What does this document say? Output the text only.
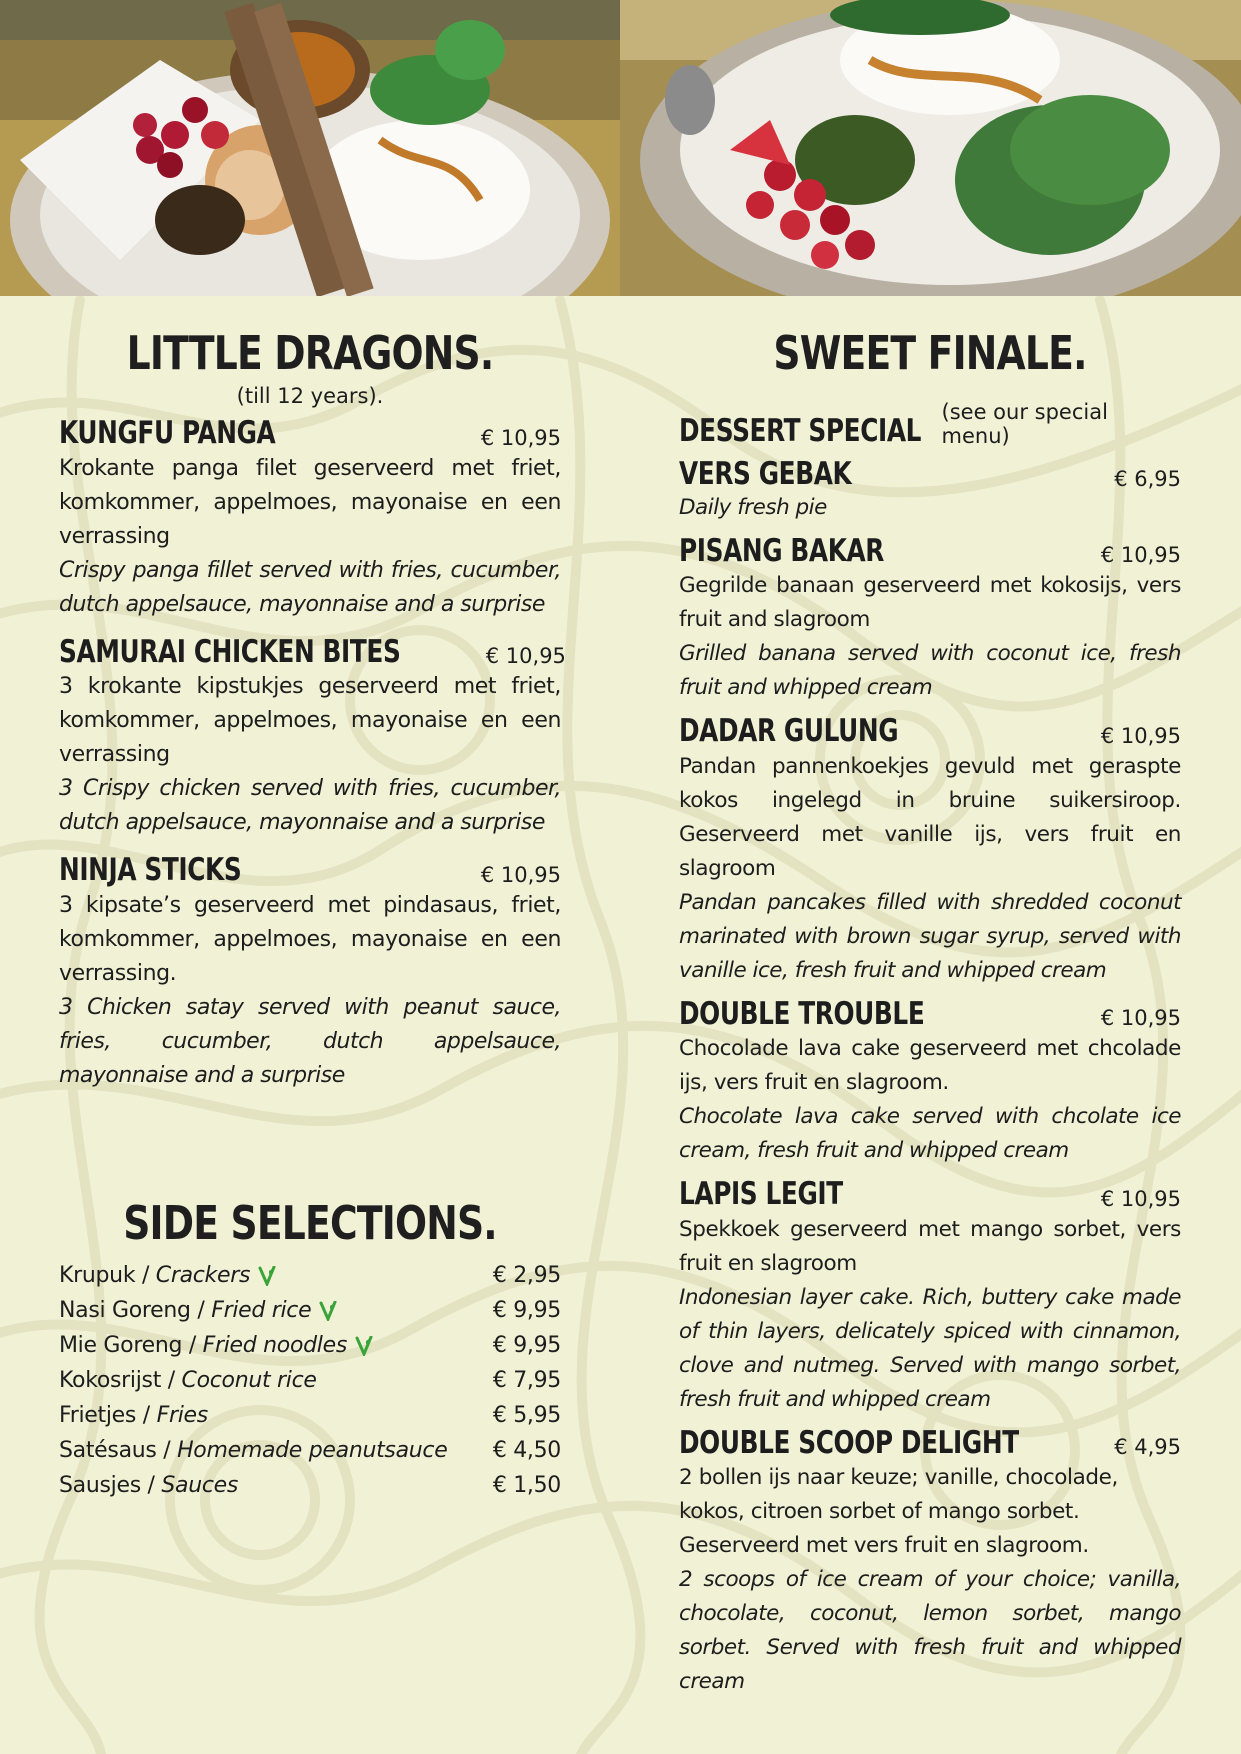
LITTLE DRAGONS.
(till 12 years).
KUNGFU PANGA	€ 10,95
Krokante panga filet geserveerd met friet, komkommer, appelmoes, mayonaise en een verrassing
Crispy panga fillet served with fries, cucumber, dutch appelsauce, mayonnaise and a surprise
SAMURAI CHICKEN BITES	€ 10,95
3 krokante kipstukjes geserveerd met friet, komkommer, appelmoes, mayonaise en een verrassing
3 Crispy chicken served with fries, cucumber, dutch appelsauce, mayonnaise and a surprise
NINJA STICKS	€ 10,95
3 kipsate’s geserveerd met pindasaus, friet, komkommer, appelmoes, mayonaise en een verrassing.
3 Chicken satay served with peanut sauce, fries, cucumber, dutch appelsauce, mayonnaise and a surprise
SIDE SELECTIONS.
Krupuk / Crackers	€ 2,95
Nasi Goreng / Fried rice	€ 9,95
Mie Goreng / Fried noodles	€ 9,95
Kokosrijst / Coconut rice	€ 7,95
Frietjes / Fries	€ 5,95
Satésaus / Homemade peanutsauce € 4,50
Sausjes / Sauces	€ 1,50
SWEET FINALE.
DESSERT SPECIAL
(see our special menu)
VERS GEBAK	€ 6,95
Daily fresh pie
PISANG BAKAR	€ 10,95
Gegrilde banaan geserveerd met kokosijs, vers fruit and slagroom
Grilled banana served with coconut ice, fresh fruit and whipped cream
DADAR GULUNG	€ 10,95
Pandan pannenkoekjes gevuld met geraspte kokos ingelegd in bruine suikersiroop. Geserveerd met vanille ijs, vers fruit en slagroom
Pandan pancakes filled with shredded coconut marinated with brown sugar syrup, served with vanille ice, fresh fruit and whipped cream
DOUBLE TROUBLE	€ 10,95
Chocolade lava cake geserveerd met chcolade ijs, vers fruit en slagroom.
Chocolate lava cake served with chcolate ice cream, fresh fruit and whipped cream
LAPIS LEGIT	€ 10,95
Spekkoek geserveerd met mango sorbet, vers fruit en slagroom
Indonesian layer cake. Rich, buttery cake made of thin layers, delicately spiced with cinnamon, clove and nutmeg. Served with mango sorbet, fresh fruit and whipped cream
DOUBLE SCOOP DELIGHT	€ 4,95
2 bollen ijs naar keuze; vanille, chocolade, kokos, citroen sorbet of mango sorbet. Geserveerd met vers fruit en slagroom.
2 scoops of ice cream of your choice; vanilla, chocolate, coconut, lemon sorbet, mango sorbet. Served with fresh fruit and whipped cream
